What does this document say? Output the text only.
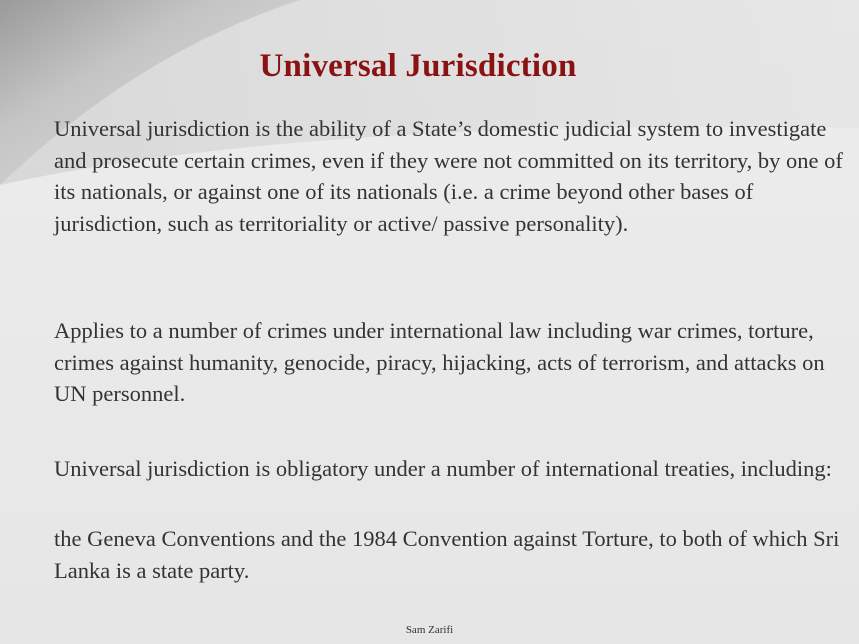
Universal Jurisdiction

Universal jurisdiction is the ability of a State’s domestic judicial system to investigate and prosecute certain crimes, even if they were not committed on its territory, by one of its nationals, or against one of its nationals (i.e. a crime beyond other bases of jurisdiction, such as territoriality or active/ passive personality).

Applies to a number of crimes under international law including war crimes, torture, crimes against humanity, genocide, piracy, hijacking, acts of terrorism, and attacks on UN personnel.

Universal jurisdiction is obligatory under a number of international treaties, including:

the Geneva Conventions and the 1984 Convention against Torture, to both of which Sri Lanka is a state party.

Sam Zarifi
